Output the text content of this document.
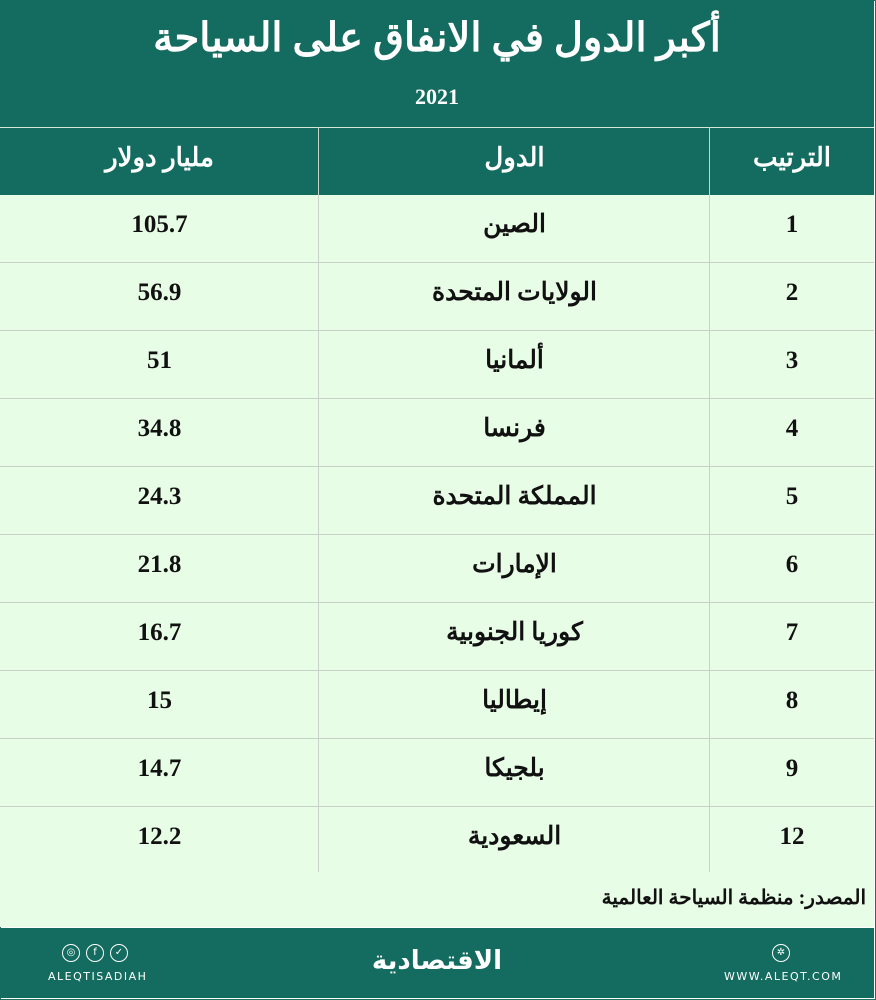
أكبر الدول في الانفاق على السياحة
2021
الترتيب
الدول
مليار دولار
1
الصين
105.7
2
الولايات المتحدة
56.9
3
ألمانيا
51
4
فرنسا
34.8
5
المملكة المتحدة
24.3
6
الإمارات
21.8
7
كوريا الجنوبية
16.7
8
إيطاليا
15
9
بلجيكا
14.7
12
السعودية
12.2
المصدر: منظمة السياحة العالمية
◎ f ✓
ALEQTISADIAH
الاقتصادية	✲
WWW.ALEQT.COM
